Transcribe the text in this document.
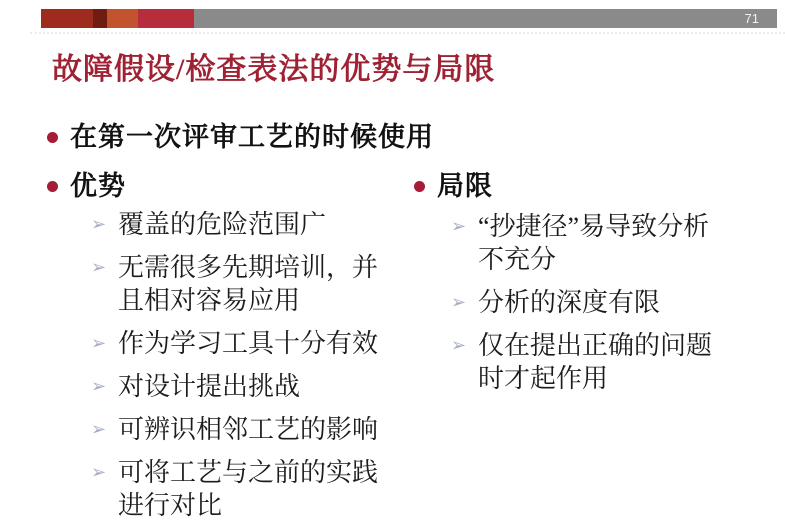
71
故障假设/检查表法的优势与局限
在第一次评审工艺的时候使用
优势	局限
➢ 覆盖的危险范围广
➢ 无需很多先期培训，并且相对容易应用
➢ 作为学习工具十分有效
➢ 对设计提出挑战
➢ 可辨识相邻工艺的影响
➢ 可将工艺与之前的实践进行对比
➢ “抄捷径”易导致分析不充分
➢ 分析的深度有限
➢ 仅在提出正确的问题时才起作用
